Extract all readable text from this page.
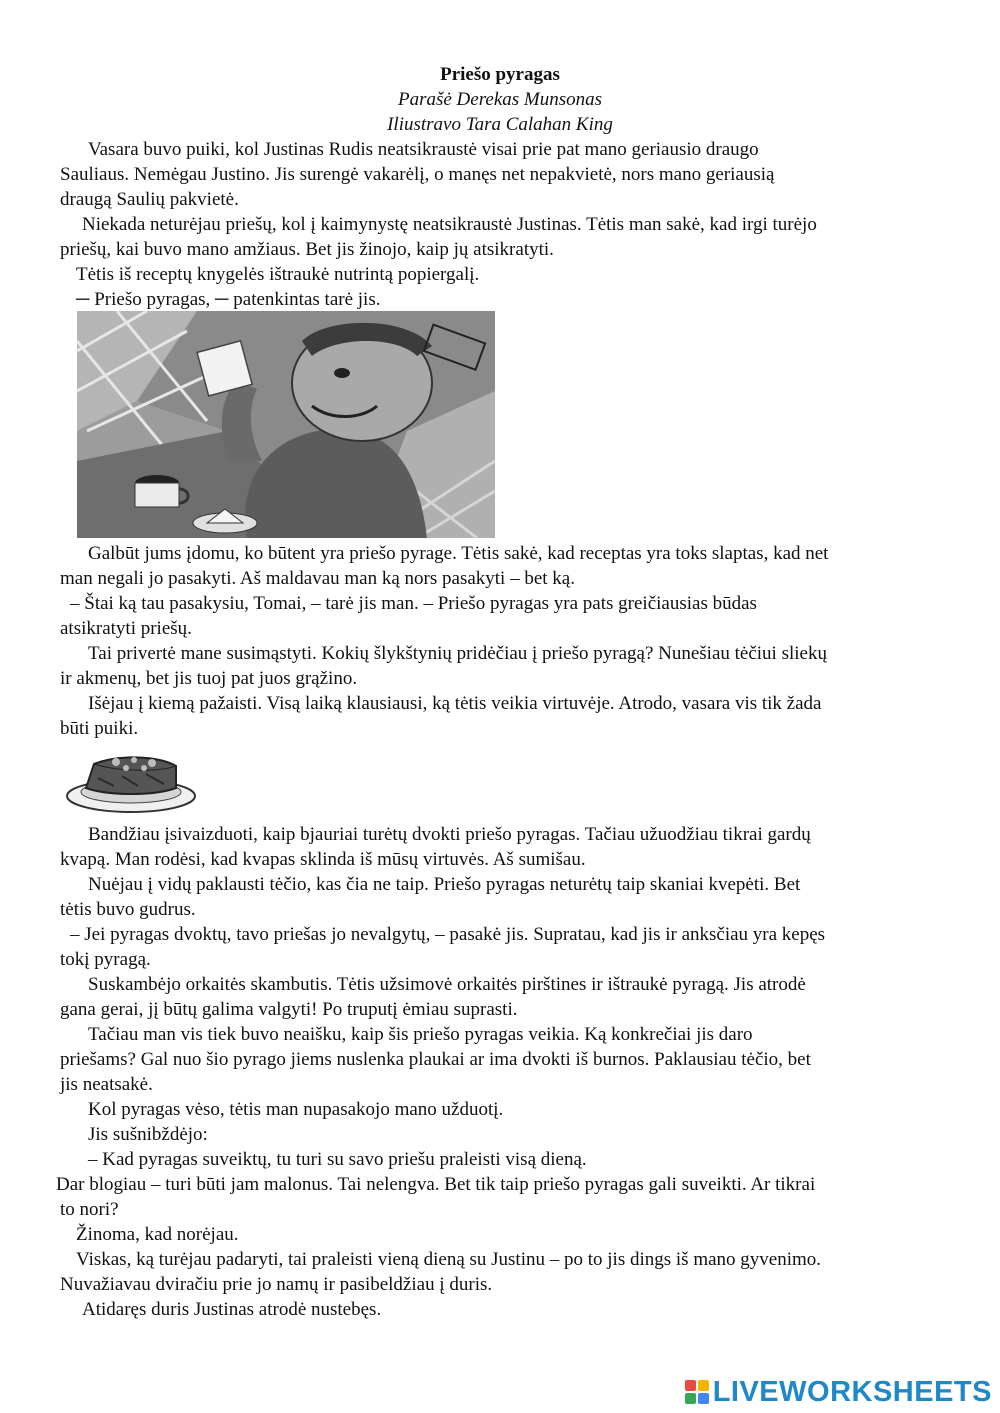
Priešo pyragas
Parašė Derekas Munsonas
Iliustravo Tara Calahan King
Vasara buvo puiki, kol Justinas Rudis neatsikraustė visai prie pat mano geriausio draugo
Sauliaus. Nemėgau Justino. Jis surengė vakarėlį, o manęs net nepakvietė, nors mano geriausią
draugą Saulių pakvietė.
Niekada neturėjau priešų, kol į kaimynystę neatsikraustė Justinas. Tėtis man sakė, kad irgi turėjo
priešų, kai buvo mano amžiaus. Bet jis žinojo, kaip jų atsikratyti.
Tėtis iš receptų knygelės ištraukė nutrintą popiergalį.
─ Priešo pyragas, ─ patenkintas tarė jis.
Galbūt jums įdomu, ko būtent yra priešo pyrage. Tėtis sakė, kad receptas yra toks slaptas, kad net
man negali jo pasakyti. Aš maldavau man ką nors pasakyti – bet ką.
– Štai ką tau pasakysiu, Tomai, – tarė jis man. – Priešo pyragas yra pats greičiausias būdas
atsikratyti priešų.
Tai privertė mane susimąstyti. Kokių šlykštynių pridėčiau į priešo pyragą? Nunešiau tėčiui sliekų
ir akmenų, bet jis tuoj pat juos grąžino.
Išėjau į kiemą pažaisti. Visą laiką klausiausi, ką tėtis veikia virtuvėje. Atrodo, vasara vis tik žada
būti puiki.
Bandžiau įsivaizduoti, kaip bjauriai turėtų dvokti priešo pyragas. Tačiau užuodžiau tikrai gardų
kvapą. Man rodėsi, kad kvapas sklinda iš mūsų virtuvės. Aš sumišau.
Nuėjau į vidų paklausti tėčio, kas čia ne taip. Priešo pyragas neturėtų taip skaniai kvepėti. Bet
tėtis buvo gudrus.
– Jei pyragas dvoktų, tavo priešas jo nevalgytų, – pasakė jis. Supratau, kad jis ir anksčiau yra kepęs
tokį pyragą.
Suskambėjo orkaitės skambutis. Tėtis užsimovė orkaitės pirštines ir ištraukė pyragą. Jis atrodė
gana gerai, jį būtų galima valgyti! Po truputį ėmiau suprasti.
Tačiau man vis tiek buvo neaišku, kaip šis priešo pyragas veikia. Ką konkrečiai jis daro
priešams? Gal nuo šio pyrago jiems nuslenka plaukai ar ima dvokti iš burnos. Paklausiau tėčio, bet
jis neatsakė.
Kol pyragas vėso, tėtis man nupasakojo mano užduotį.
Jis sušnibždėjo:
– Kad pyragas suveiktų, tu turi su savo priešu praleisti visą dieną.
Dar blogiau – turi būti jam malonus. Tai nelengva. Bet tik taip priešo pyragas gali suveikti. Ar tikrai
to nori?
Žinoma, kad norėjau.
Viskas, ką turėjau padaryti, tai praleisti vieną dieną su Justinu – po to jis dings iš mano gyvenimo.
Nuvažiavau dviračiu prie jo namų ir pasibeldžiau į duris.
Atidaręs duris Justinas atrodė nustebęs.
LIVEWORKSHEETS
